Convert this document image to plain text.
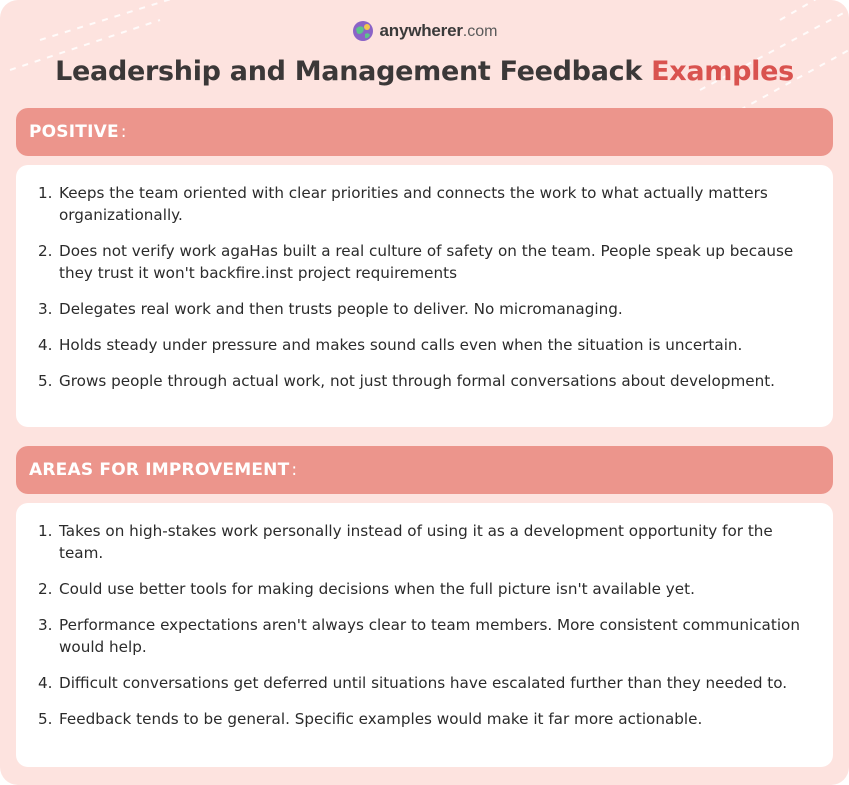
anywherer.com
Leadership and Management Feedback Examples
POSITIVE :
1. Keeps the team oriented with clear priorities and connects the work to what actually matters organizationally.
2. Does not verify work agaHas built a real culture of safety on the team. People speak up because they trust it won't backfire.inst project requirements
3. Delegates real work and then trusts people to deliver. No micromanaging.
4. Holds steady under pressure and makes sound calls even when the situation is uncertain.
5. Grows people through actual work, not just through formal conversations about development.
AREAS FOR IMPROVEMENT :
1. Takes on high-stakes work personally instead of using it as a development opportunity for the team.
2. Could use better tools for making decisions when the full picture isn't available yet.
3. Performance expectations aren't always clear to team members. More consistent communication would help.
4. Difficult conversations get deferred until situations have escalated further than they needed to.
5. Feedback tends to be general. Specific examples would make it far more actionable.
